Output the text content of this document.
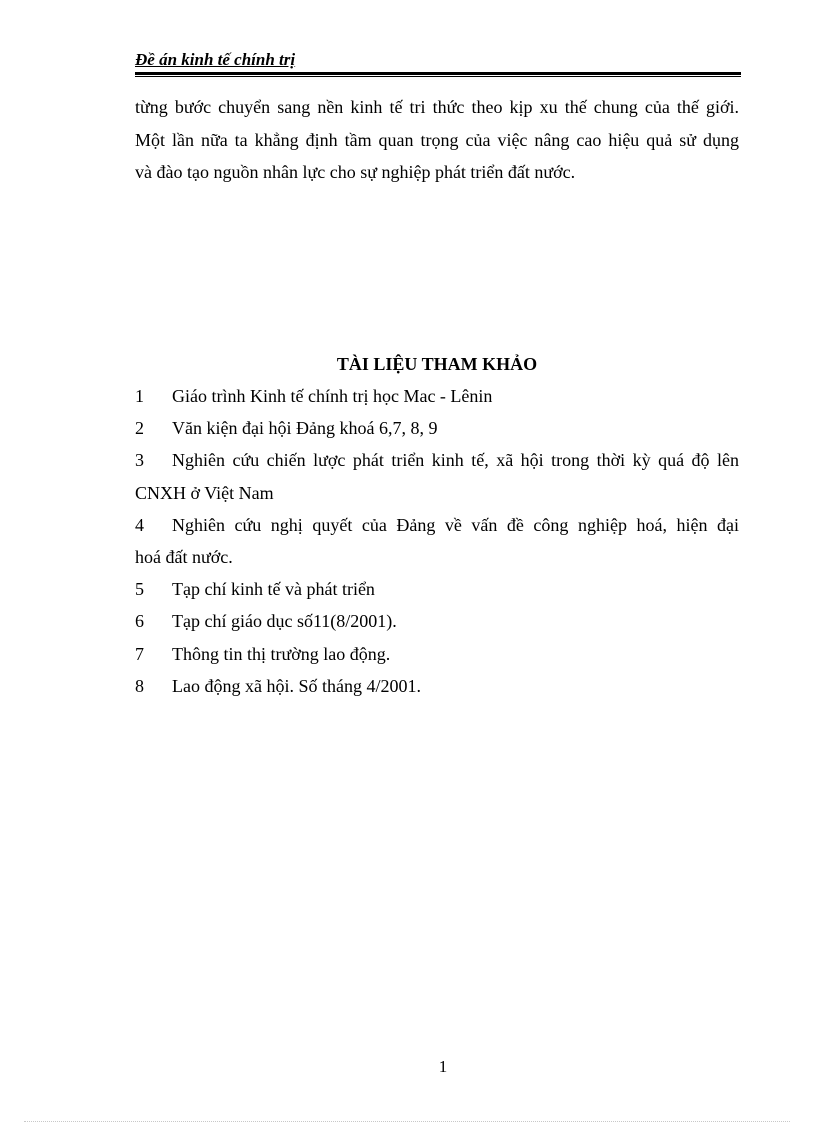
Đề án kinh tế chính trị
từng bước chuyển sang nền kinh tế tri thức theo kịp xu thế chung của thế giới.
Một lần nữa ta khẳng định tầm quan trọng của việc nâng cao hiệu quả sử dụng
và đào tạo nguồn nhân lực cho sự nghiệp phát triển đất nước.
TÀI LIỆU THAM KHẢO
1 Giáo trình Kinh tế chính trị học Mac - Lênin
2 Văn kiện đại hội Đảng khoá 6,7, 8, 9
3 Nghiên cứu chiến lược phát triển kinh tế, xã hội trong thời kỳ quá độ lên
CNXH ở Việt Nam
4 Nghiên cứu nghị quyết của Đảng về vấn đề công nghiệp hoá, hiện đại
hoá đất nước.
5 Tạp chí kinh tế và phát triển
6 Tạp chí giáo dục số11(8/2001).
7 Thông tin thị trường lao động.
8 Lao động xã hội. Số tháng 4/2001.
1
